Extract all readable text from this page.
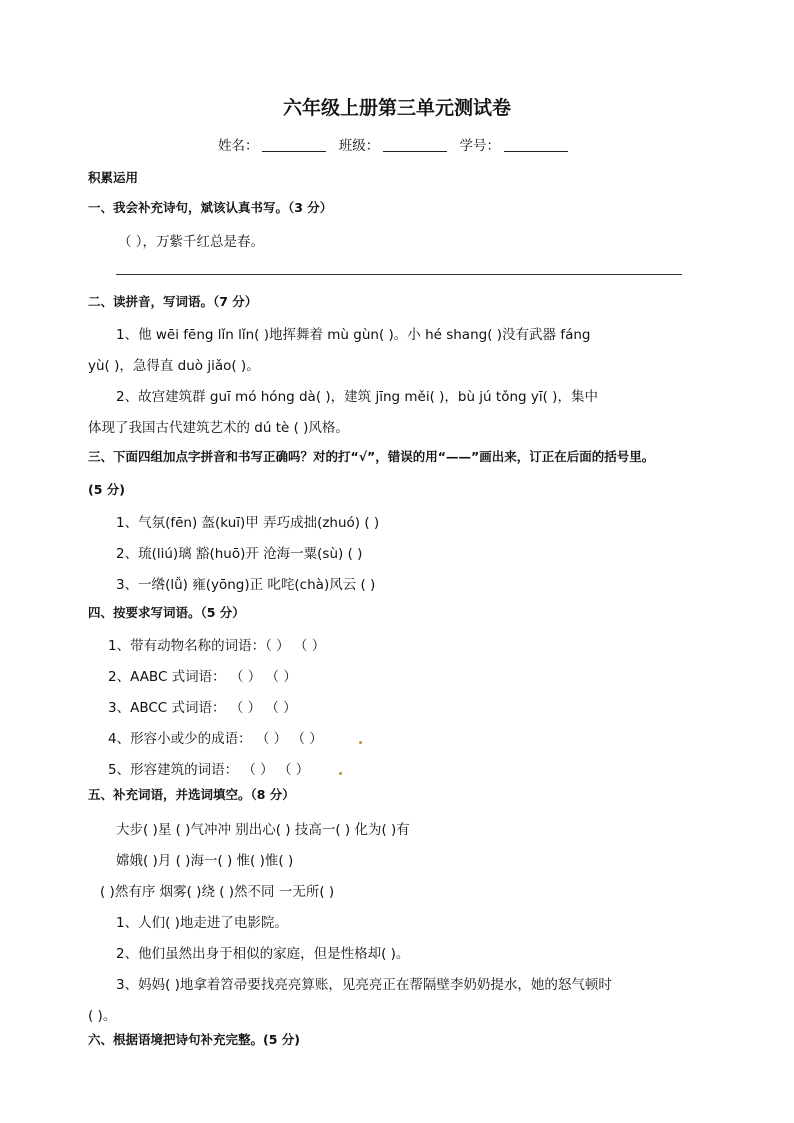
六年级上册第三单元测试卷
姓名：	班级：	学号：
积累运用
一、我会补充诗句，斌该认真书写。（3 分）
（ ），万紫千红总是春。
二、读拼音，写词语。（7 分）
1、他 wēi fēng lǐn lǐn( )地挥舞着 mù gùn( )。小 hé shang( )没有武器 fáng
yù( )，急得直 duò jiǎo( )。
2、故宫建筑群 guī mó hóng dà( )，建筑 jīng měi( )，bù jú tǒng yī( )，集中
体现了我国古代建筑艺术的 dú tè ( )风格。
三、下面四组加点字拼音和书写正确吗？对的打“√”，错误的用“——”画出来，订正在后面的括号里。
(5 分)
1、气氛(fēn) 盔(kuī)甲 弄巧成拙(zhuó) ( )
2、琉(liú)璃 豁(huō)开 沧海一粟(sù) ( )
3、一绺(lǚ) 雍(yōng)正 叱咤(chà)风云 ( )
四、按要求写词语。（5 分）
1、带有动物名称的词语：（ ） （ ）
2、AABC 式词语： （ ） （ ）
3、ABCC 式词语： （ ） （ ）
4、形容小或少的成语： （ ） （ ）
5、形容建筑的词语： （ ） （ ）
五、补充词语，并选词填空。（8 分）
大步( )星 ( )气冲冲 别出心( ) 技高一( ) 化为( )有
嫦娥( )月 ( )海一( ) 惟( )惟( )
( )然有序 烟雾( )绕 ( )然不同 一无所( )
1、人们( )地走进了电影院。
2、他们虽然出身于相似的家庭，但是性格却( )。
3、妈妈( )地拿着笤帚要找亮亮算账，见亮亮正在帮隔壁李奶奶提水，她的怒气顿时
( )。
六、根据语境把诗句补充完整。(5 分)
